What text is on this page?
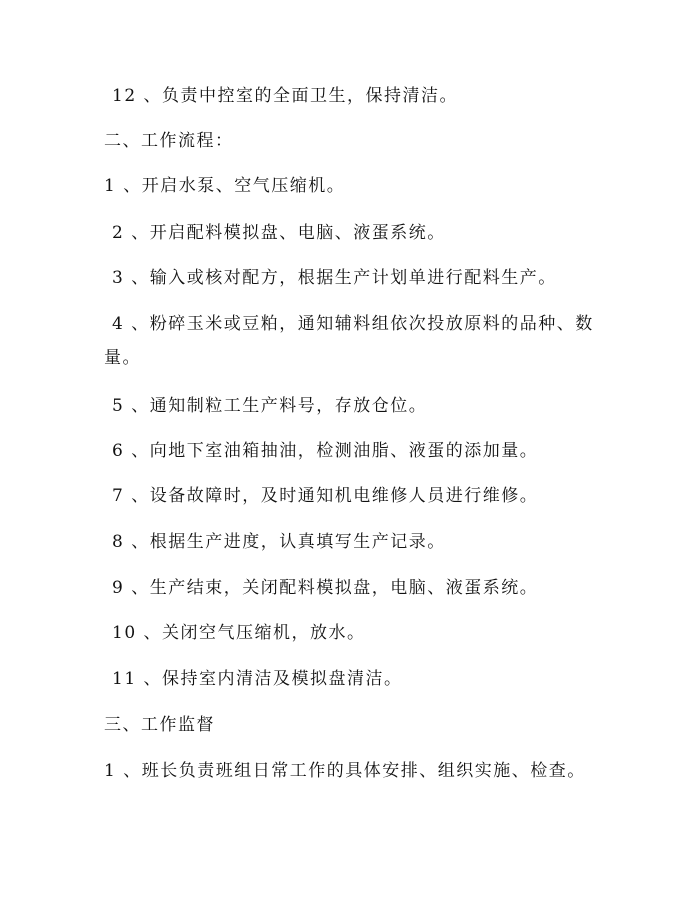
12 、负责中控室的全面卫生，保持清洁。
二、工作流程：
1 、开启水泵、空气压缩机。
2 、开启配料模拟盘、电脑、液蛋系统。
3 、输入或核对配方，根据生产计划单进行配料生产。
4 、粉碎玉米或豆粕，通知辅料组依次投放原料的品种、数
量。
5 、通知制粒工生产料号，存放仓位。
6 、向地下室油箱抽油，检测油脂、液蛋的添加量。
7 、设备故障时，及时通知机电维修人员进行维修。
8 、根据生产进度，认真填写生产记录。
9 、生产结束，关闭配料模拟盘，电脑、液蛋系统。
10 、关闭空气压缩机，放水。
11 、保持室内清洁及模拟盘清洁。
三、工作监督
1 、班长负责班组日常工作的具体安排、组织实施、检查。
